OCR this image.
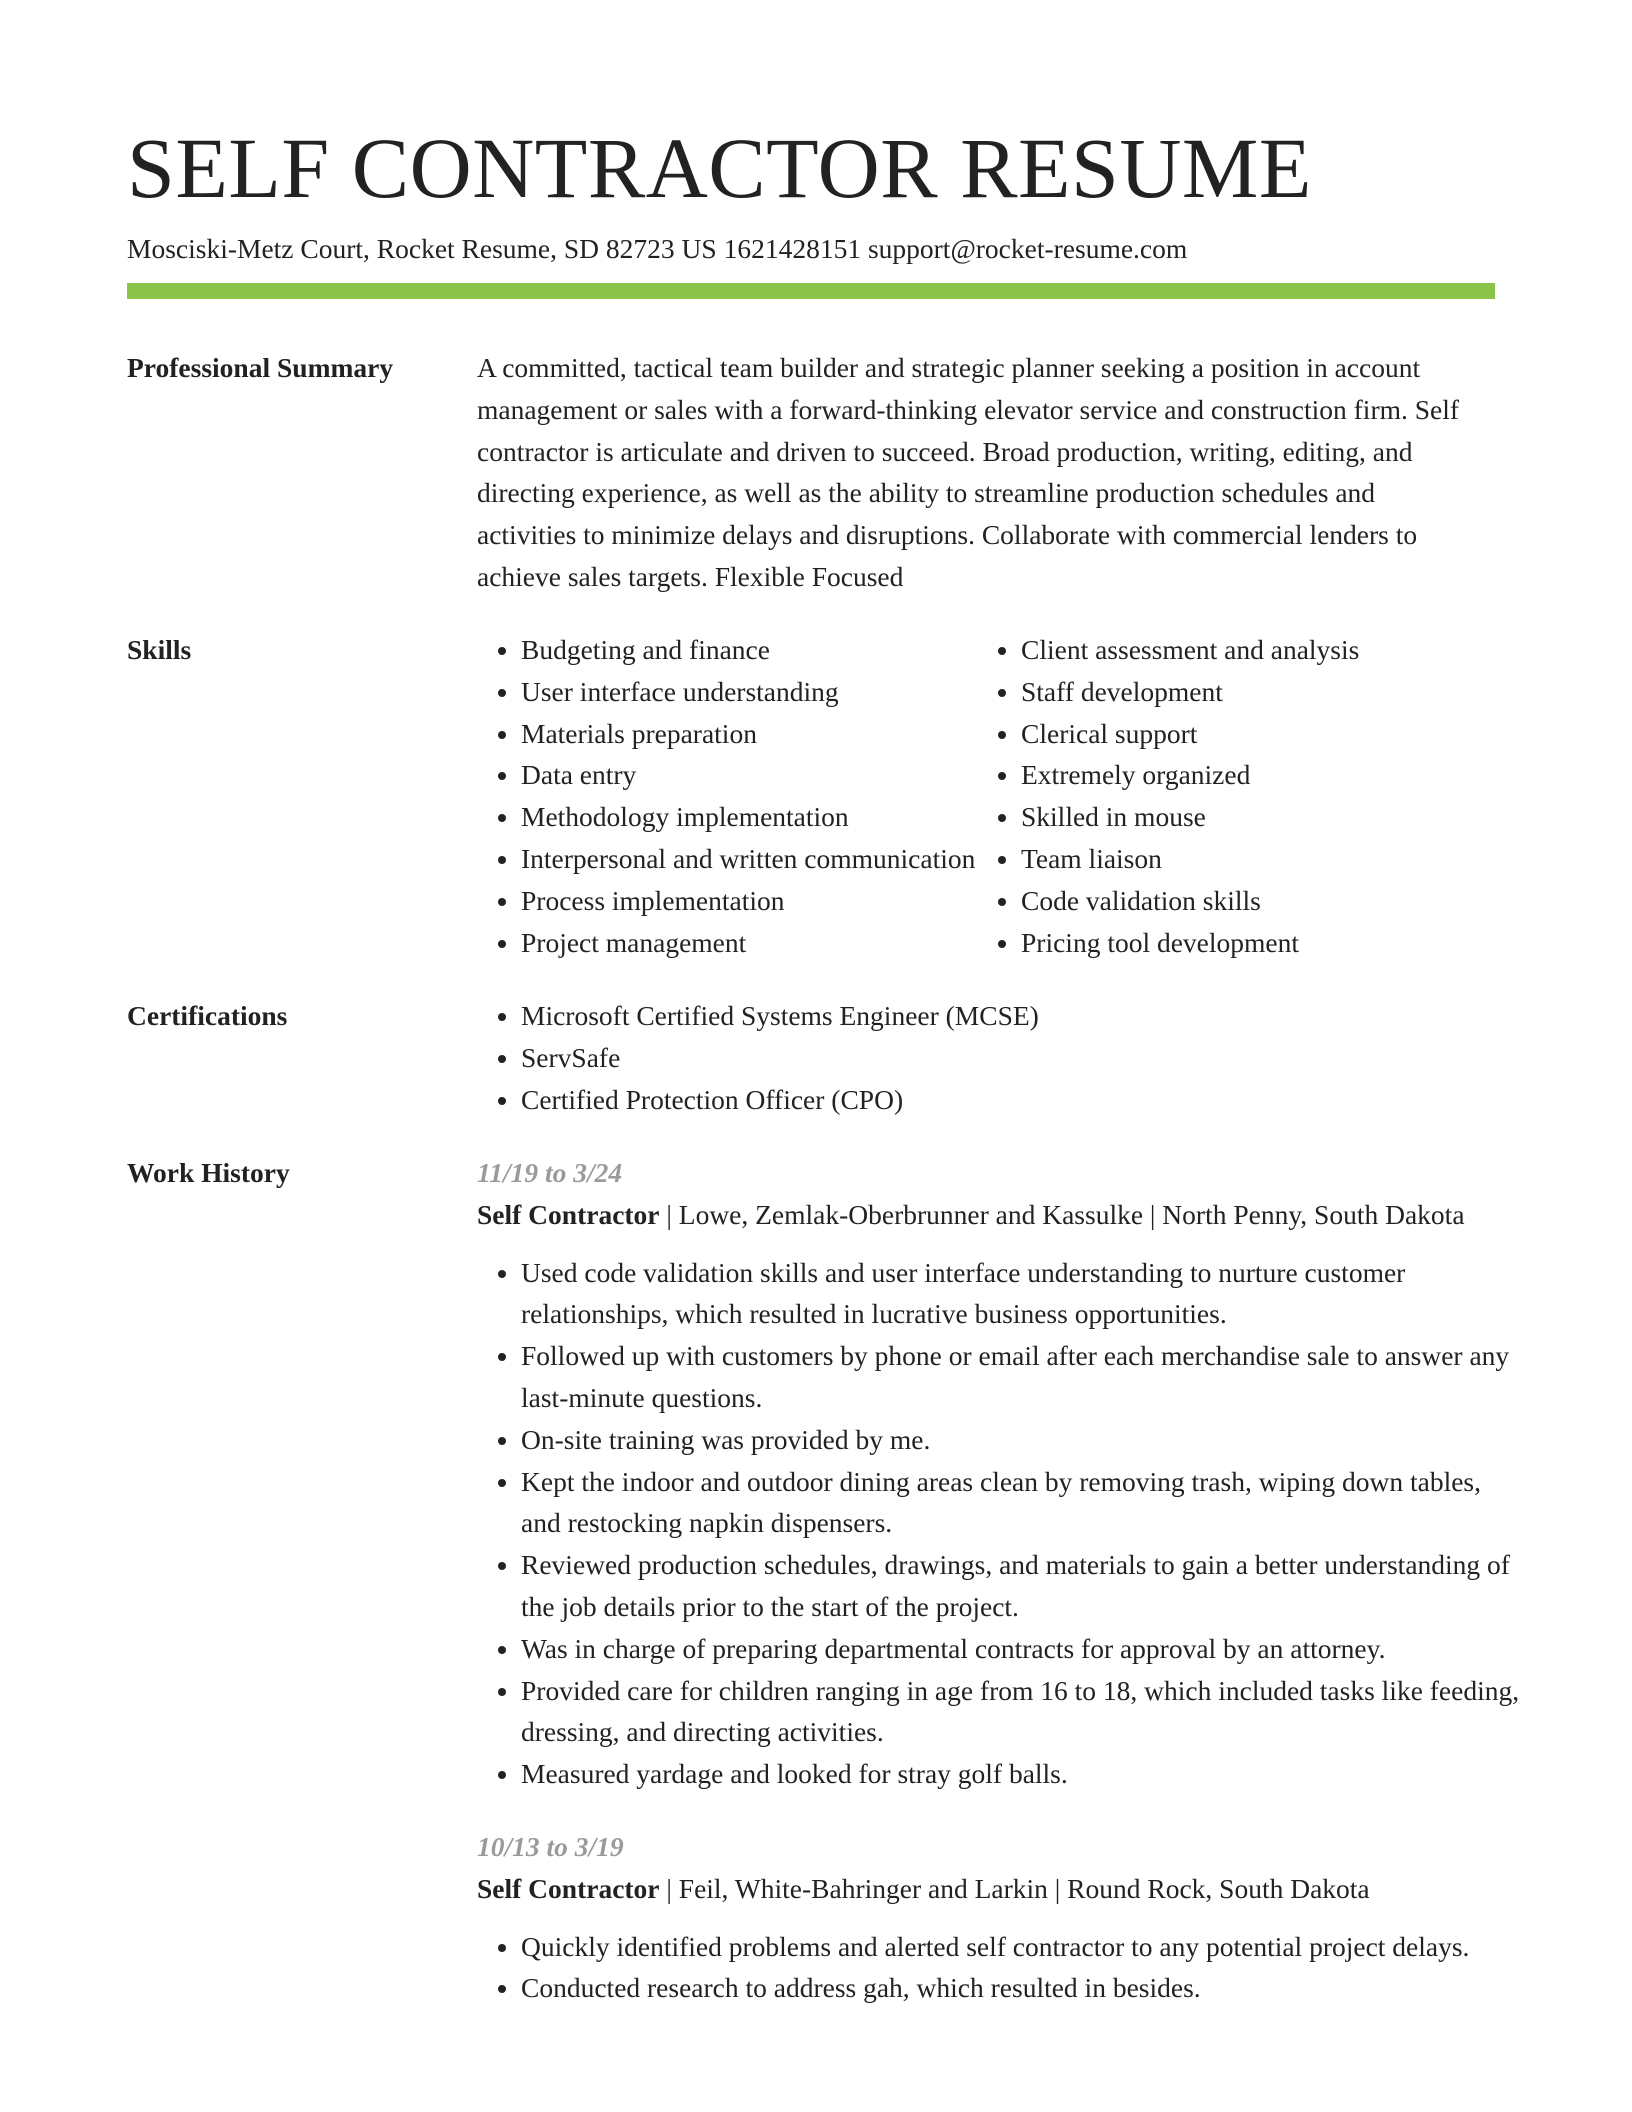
SELF CONTRACTOR RESUME
Mosciski-Metz Court, Rocket Resume, SD 82723 US 1621428151 support@rocket-resume.com
Professional Summary	A committed, tactical team builder and strategic planner seeking a position in account management or sales with a forward-thinking elevator service and construction firm. Self contractor is articulate and driven to succeed. Broad production, writing, editing, and directing experience, as well as the ability to streamline production schedules and activities to minimize delays and disruptions. Collaborate with commercial lenders to achieve sales targets. Flexible Focused

Skills	• Budgeting and finance
• User interface understanding
• Materials preparation
• Data entry
• Methodology implementation
• Interpersonal and written communication
• Process implementation
• Project management
• Client assessment and analysis
• Staff development
• Clerical support
• Extremely organized
• Skilled in mouse
• Team liaison
• Code validation skills
• Pricing tool development
Certifications	• Microsoft Certified Systems Engineer (MCSE)
• ServSafe
• Certified Protection Officer (CPO)
Work History	11/19 to 3/24
Self Contractor | Lowe, Zemlak-Oberbrunner and Kassulke | North Penny, South Dakota
• Used code validation skills and user interface understanding to nurture customer relationships, which resulted in lucrative business opportunities.
• Followed up with customers by phone or email after each merchandise sale to answer any last-minute questions.
• On-site training was provided by me.
• Kept the indoor and outdoor dining areas clean by removing trash, wiping down tables, and restocking napkin dispensers.
• Reviewed production schedules, drawings, and materials to gain a better understanding of the job details prior to the start of the project.
• Was in charge of preparing departmental contracts for approval by an attorney.
• Provided care for children ranging in age from 16 to 18, which included tasks like feeding, dressing, and directing activities.
• Measured yardage and looked for stray golf balls.
10/13 to 3/19
Self Contractor | Feil, White-Bahringer and Larkin | Round Rock, South Dakota
• Quickly identified problems and alerted self contractor to any potential project delays.
• Conducted research to address gah, which resulted in besides.
